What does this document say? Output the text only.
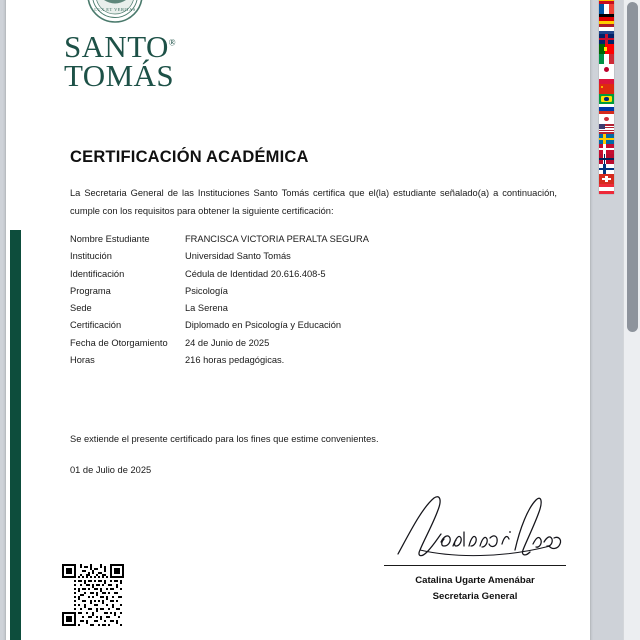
LUX ET VERITAS
SANTO®
TOMÁS
CERTIFICACIÓN ACADÉMICA
La Secretaria General de las Instituciones Santo Tomás certifica que el(la) estudiante señalado(a) a continuación, cumple con los requisitos para obtener la siguiente certificación:
Nombre Estudiante	FRANCISCA VICTORIA PERALTA SEGURA
Institución	Universidad Santo Tomás
Identificación	Cédula de Identidad 20.616.408-5
Programa	Psicología
Sede	La Serena
Certificación	Diplomado en Psicología y Educación
Fecha de Otorgamiento	24 de Junio de 2025
Horas	216 horas pedagógicas.
Se extiende el presente certificado para los fines que estime convenientes.
01 de Julio de 2025
Catalina Ugarte Amenábar
Secretaria General
